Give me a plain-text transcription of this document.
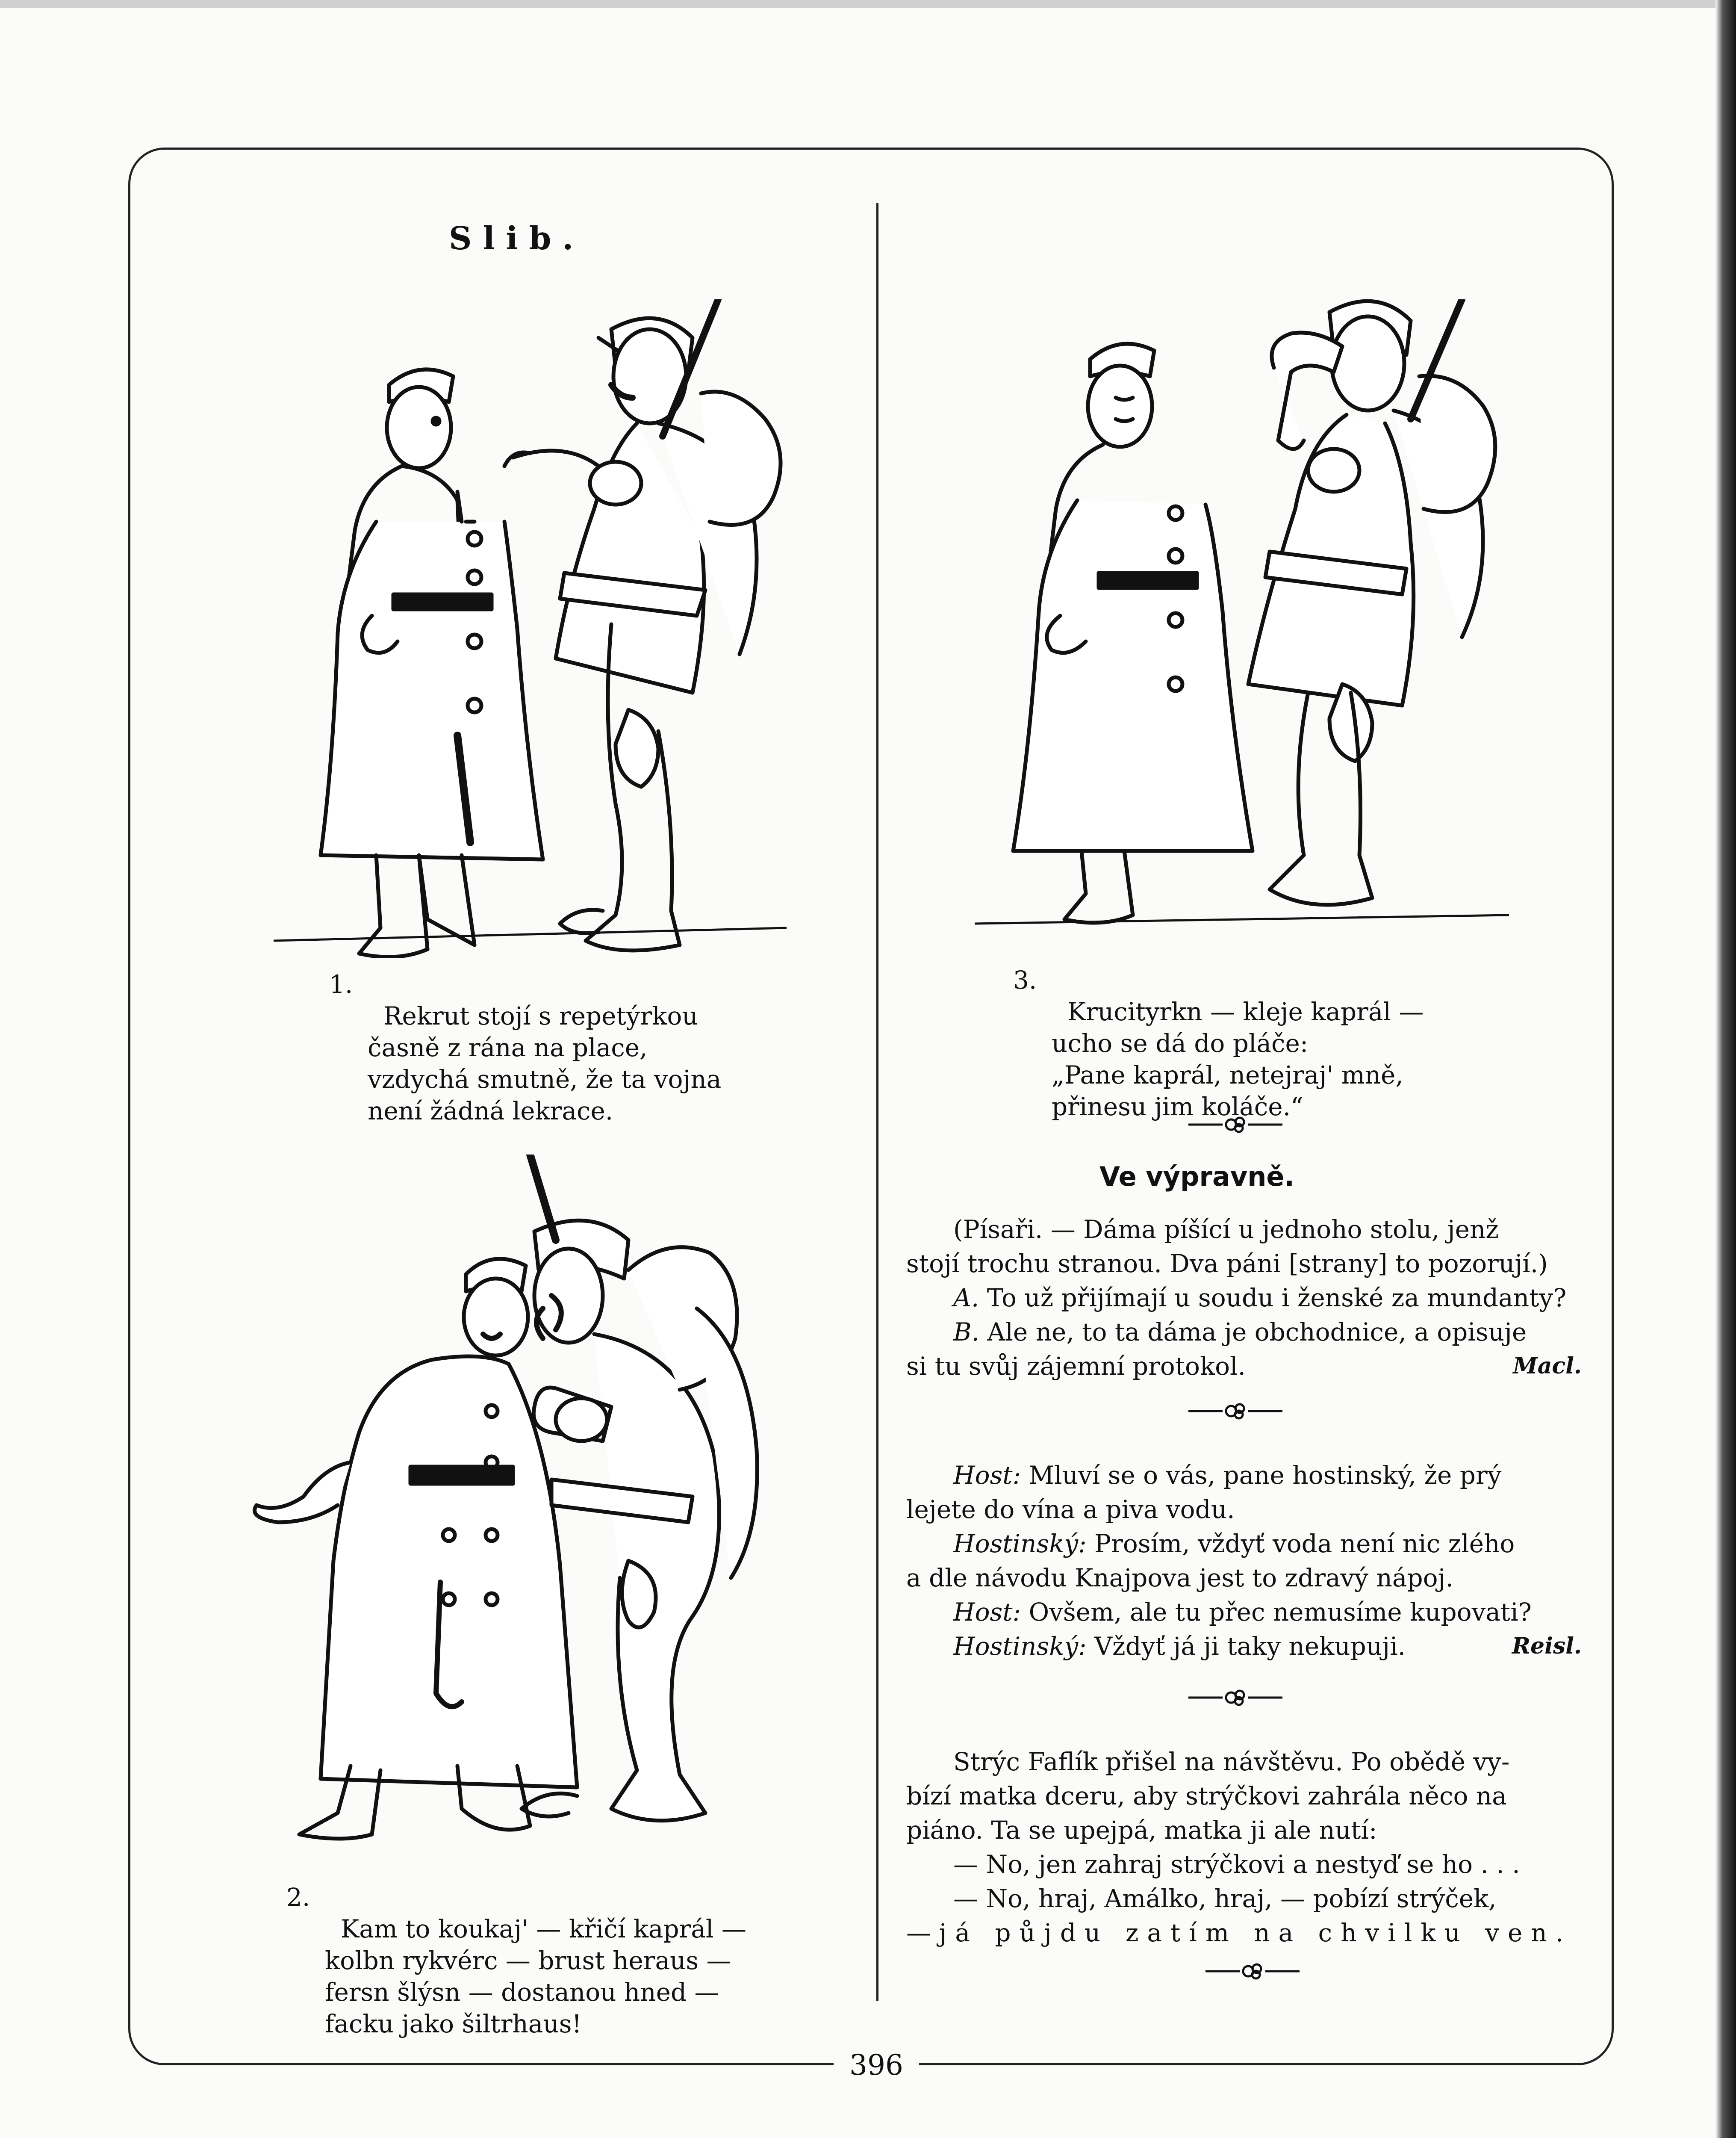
396
Slib.

1.
Rekrut stojí s repetýrkou
časně z rána na place,
vzdychá smutně, že ta vojna
není žádná lekrace.

2.
Kam to koukaj' — křičí kaprál —
kolbn rykvérc — brust heraus —
fersn šlýsn — dostanou hned —
facku jako šiltrhaus!

3.
Krucityrkn — kleje kaprál —
ucho se dá do pláče:
„Pane kaprál, netejraj' mně,
přinesu jim koláče.“

Ve výpravně.

(Písaři. — Dáma píšící u jednoho stolu, jenž

stojí trochu stranou. Dva páni [strany] to pozorují.)

A. To už přijímají u soudu i ženské za mundanty?

B. Ale ne, to ta dáma je obchodnice, a opisuje

si tu svůj zájemní protokol.	Macl.

Host: Mluví se o vás, pane hostinský, že prý

lejete do vína a piva vodu.

Hostinský: Prosím, vždyť voda není nic zlého

a dle návodu Knajpova jest to zdravý nápoj.

Host: Ovšem, ale tu přec nemusíme kupovati?

Hostinský: Vždyť já ji taky nekupuji.	Reisl.

Strýc Faflík přišel na návštěvu. Po obědě vy-

bízí matka dceru, aby strýčkovi zahrála něco na

piáno. Ta se upejpá, matka ji ale nutí:

— No, jen zahraj strýčkovi a nestyď se ho . . .

— No, hraj, Amálko, hraj, — pobízí strýček,

— já půjdu zatím na chvilku ven.
